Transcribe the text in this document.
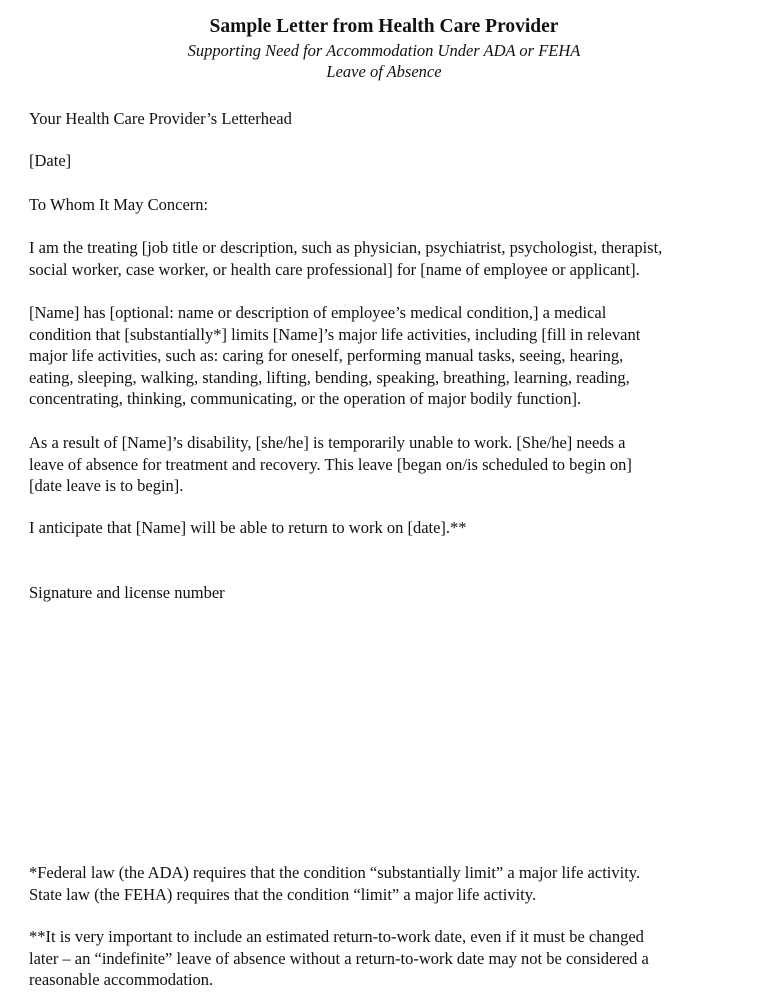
Sample Letter from Health Care Provider
Supporting Need for Accommodation Under ADA or FEHA
Leave of Absence
Your Health Care Provider’s Letterhead
[Date]
To Whom It May Concern:
I am the treating [job title or description, such as physician, psychiatrist, psychologist, therapist,
social worker, case worker, or health care professional] for [name of employee or applicant].
[Name] has [optional: name or description of employee’s medical condition,] a medical
condition that [substantially*] limits [Name]’s major life activities, including [fill in relevant
major life activities, such as: caring for oneself, performing manual tasks, seeing, hearing,
eating, sleeping, walking, standing, lifting, bending, speaking, breathing, learning, reading,
concentrating, thinking, communicating, or the operation of major bodily function].
As a result of [Name]’s disability, [she/he] is temporarily unable to work. [She/he] needs a
leave of absence for treatment and recovery. This leave [began on/is scheduled to begin on]
[date leave is to begin].
I anticipate that [Name] will be able to return to work on [date].**
Signature and license number
*Federal law (the ADA) requires that the condition “substantially limit” a major life activity.
State law (the FEHA) requires that the condition “limit” a major life activity.
**It is very important to include an estimated return-to-work date, even if it must be changed
later – an “indefinite” leave of absence without a return-to-work date may not be considered a
reasonable accommodation.
